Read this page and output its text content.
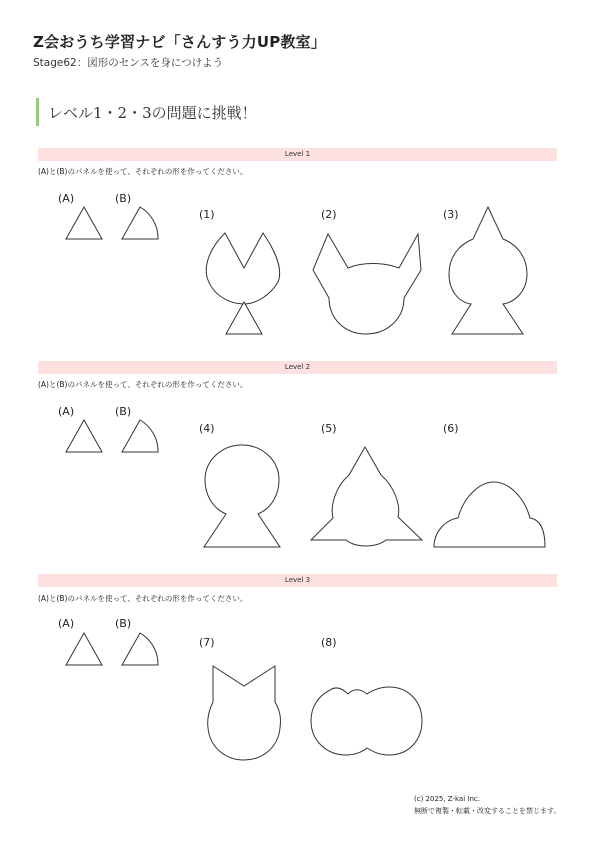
Z会おうち学習ナビ「さんすう力UP教室」
Stage62：図形のセンスを身につけよう
レベル1・2・3の問題に挑戦！
Level 1
(A)と(B)のパネルを使って、それぞれの形を作ってください。
(A)	(B)
(1)	(2)	(3)
Level 2
(A)と(B)のパネルを使って、それぞれの形を作ってください。
(A)	(B)
(4)	(5)	(6)
Level 3
(A)と(B)のパネルを使って、それぞれの形を作ってください。
(A)	(B)
(7)	(8)
(c) 2025, Z-kai Inc.
無断で複製・転載・改変することを禁じます。
